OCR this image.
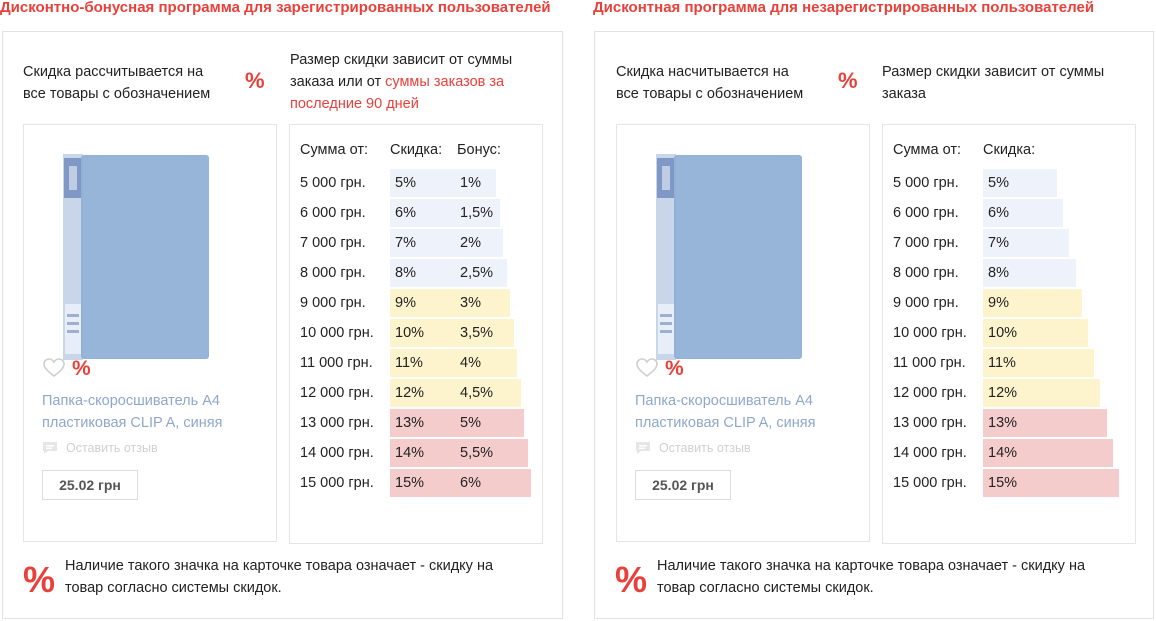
Дисконтно-бонусная программа для зарегистрированных пользователей
Скидка рассчитывается на
все товары с обозначением
%
Размер скидки зависит от суммы
заказа или от суммы заказов за
последние 90 дней
%
Папка-скоросшиватель А4
пластиковая CLIP A, синяя
Оставить отзыв
25.02 грн
Сумма от: Скидка: Бонус:
5 000 грн. 5%	1%
6 000 грн. 6%	1,5%
7 000 грн. 7%	2%
8 000 грн. 8%	2,5%
9 000 грн. 9%	3%
10 000 грн. 10% 3,5%
11 000 грн. 11%	4%
12 000 грн. 12% 4,5%
13 000 грн. 13% 5%
14 000 грн. 14% 5,5%
15 000 грн. 15% 6%
% Наличие такого значка на карточке товара означает - скидку на
товар согласно системы скидок.
Дисконтная программа для незарегистрированных пользователей
Скидка насчитывается на
все товары с обозначением
% Размер скидки зависит от суммы
заказа
%
Папка-скоросшиватель А4
пластиковая CLIP A, синяя
Оставить отзыв
25.02 грн
Сумма от: Скидка:
5 000 грн. 5%
6 000 грн. 6%
7 000 грн. 7%
8 000 грн. 8%
9 000 грн. 9%
10 000 грн. 10%
11 000 грн. 11%
12 000 грн. 12%
13 000 грн. 13%
14 000 грн. 14%
15 000 грн. 15%
% Наличие такого значка на карточке товара означает - скидку на
товар согласно системы скидок.
